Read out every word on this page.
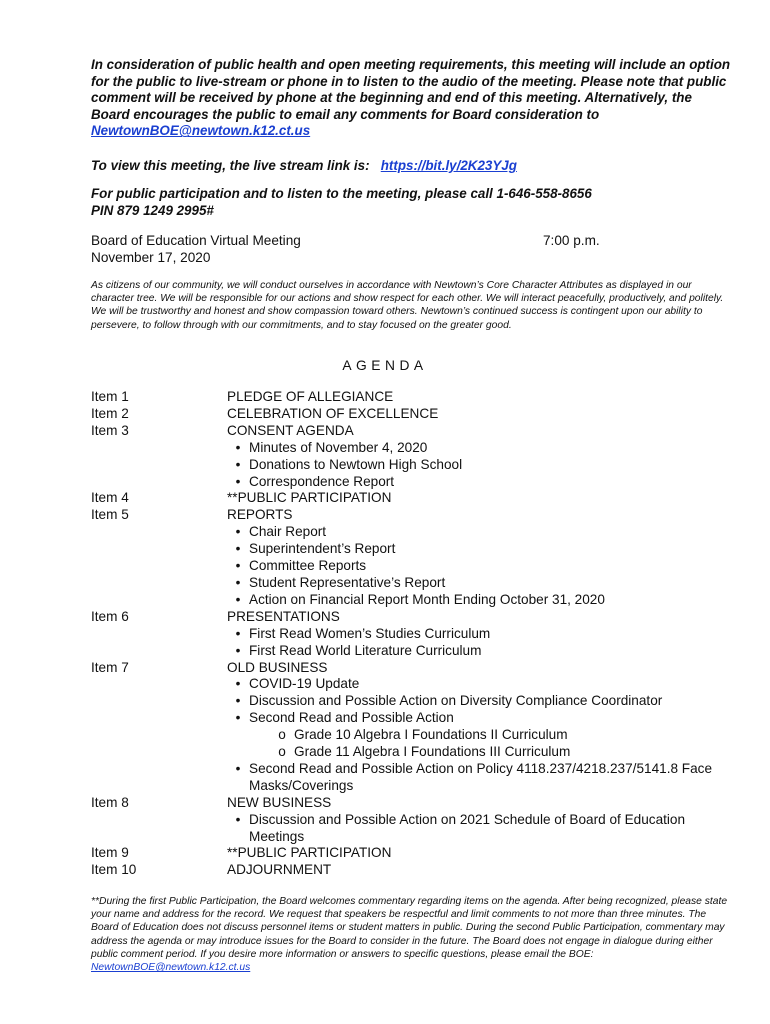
In consideration of public health and open meeting requirements, this meeting will include an option for the public to live-stream or phone in to listen to the audio of the meeting. Please note that public comment will be received by phone at the beginning and end of this meeting. Alternatively, the Board encourages the public to email any comments for Board consideration to NewtownBOE@newtown.k12.ct.us
To view this meeting, the live stream link is: https://bit.ly/2K23YJg
For public participation and to listen to the meeting, please call 1-646-558-8656
PIN 879 1249 2995#
Board of Education Virtual Meeting
November 17, 2020
7:00 p.m.
As citizens of our community, we will conduct ourselves in accordance with Newtown’s Core Character Attributes as displayed in our character tree. We will be responsible for our actions and show respect for each other. We will interact peacefully, productively, and politely. We will be trustworthy and honest and show compassion toward others. Newtown’s continued success is contingent upon our ability to persevere, to follow through with our commitments, and to stay focused on the greater good.
AGENDA
Item 1	PLEDGE OF ALLEGIANCE
Item 2	CELEBRATION OF EXCELLENCE
Item 3	CONSENT AGENDA
• Minutes of November 4, 2020
• Donations to Newtown High School
• Correspondence Report
Item 4	**PUBLIC PARTICIPATION
Item 5	REPORTS
• Chair Report
• Superintendent’s Report
• Committee Reports
• Student Representative’s Report
• Action on Financial Report Month Ending October 31, 2020
Item 6	PRESENTATIONS
• First Read Women’s Studies Curriculum
• First Read World Literature Curriculum
Item 7	OLD BUSINESS
• COVID-19 Update
• Discussion and Possible Action on Diversity Compliance Coordinator
• Second Read and Possible Action
o Grade 10 Algebra I Foundations II Curriculum
o Grade 11 Algebra I Foundations III Curriculum
• Second Read and Possible Action on Policy 4118.237/4218.237/5141.8 Face Masks/Coverings
Item 8	NEW BUSINESS
• Discussion and Possible Action on 2021 Schedule of Board of Education Meetings
Item 9	**PUBLIC PARTICIPATION
Item 10	ADJOURNMENT
**During the first Public Participation, the Board welcomes commentary regarding items on the agenda. After being recognized, please state your name and address for the record. We request that speakers be respectful and limit comments to not more than three minutes. The Board of Education does not discuss personnel items or student matters in public. During the second Public Participation, commentary may address the agenda or may introduce issues for the Board to consider in the future. The Board does not engage in dialogue during either public comment period. If you desire more information or answers to specific questions, please email the BOE: NewtownBOE@newtown.k12.ct.us
